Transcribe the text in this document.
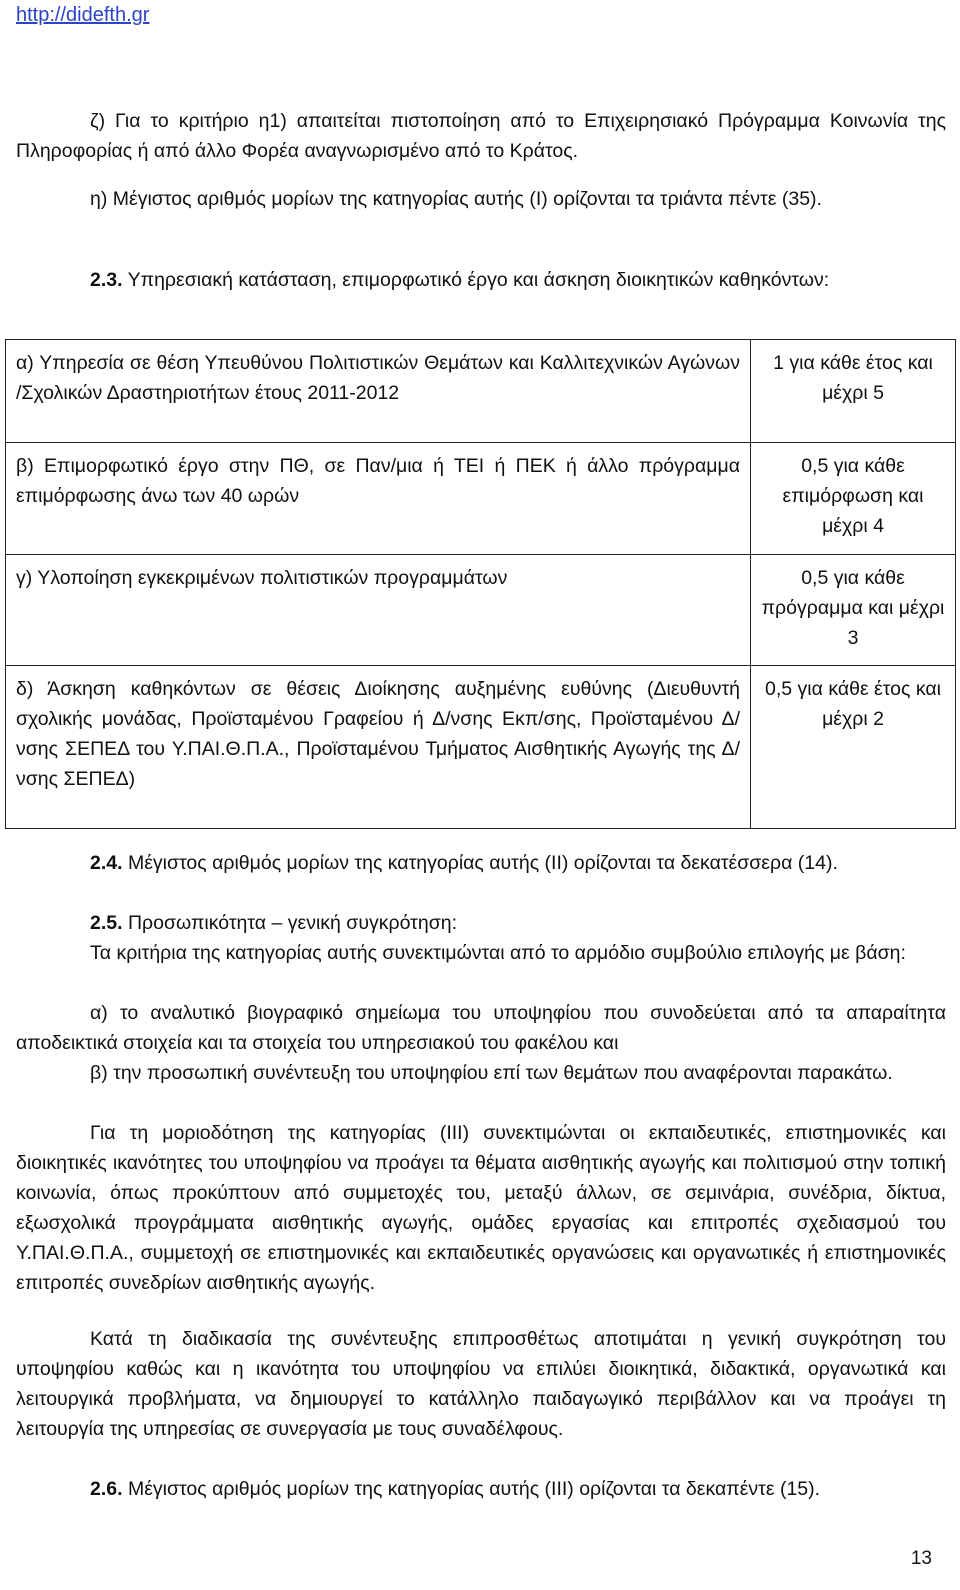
http://didefth.gr

ζ) Για το κριτήριο η1) απαιτείται πιστοποίηση από το Επιχειρησιακό Πρόγραμμα Κοινωνία της Πληροφορίας ή από άλλο Φορέα αναγνωρισμένο από το Κράτος.

η) Μέγιστος αριθμός μορίων της κατηγορίας αυτής (Ι) ορίζονται τα τριάντα πέντε (35).

2.3. Υπηρεσιακή κατάσταση, επιμορφωτικό έργο και άσκηση διοικητικών καθηκόντων:

α) Υπηρεσία σε θέση Υπευθύνου Πολιτιστικών Θεμάτων και Καλλιτεχνικών Αγώνων /Σχολικών Δραστηριοτήτων έτους 2011-2012	1 για κάθε έτος και μέχρι 5
β) Επιμορφωτικό έργο στην ΠΘ, σε Παν/μια ή ΤΕΙ ή ΠΕΚ ή άλλο πρόγραμμα επιμόρφωσης άνω των 40 ωρών	0,5 για κάθε επιμόρφωση και μέχρι 4
γ) Υλοποίηση εγκεκριμένων πολιτιστικών προγραμμάτων	0,5 για κάθε πρόγραμμα και μέχρι 3
δ) Άσκηση καθηκόντων σε θέσεις Διοίκησης αυξημένης ευθύνης (Διευθυντή σχολικής μονάδας, Προϊσταμένου Γραφείου ή Δ/νσης Εκπ/σης, Προϊσταμένου Δ/νσης ΣΕΠΕΔ του Υ.ΠΑΙ.Θ.Π.Α., Προϊσταμένου Τμήματος Αισθητικής Αγωγής της Δ/νσης ΣΕΠΕΔ)	0,5 για κάθε έτος και μέχρι 2

2.4. Μέγιστος αριθμός μορίων της κατηγορίας αυτής (ΙΙ) ορίζονται τα δεκατέσσερα (14).

2.5. Προσωπικότητα – γενική συγκρότηση:

Τα κριτήρια της κατηγορίας αυτής συνεκτιμώνται από το αρμόδιο συμβούλιο επιλογής με βάση:

α) το αναλυτικό βιογραφικό σημείωμα του υποψηφίου που συνοδεύεται από τα απαραίτητα αποδεικτικά στοιχεία και τα στοιχεία του υπηρεσιακού του φακέλου και

β) την προσωπική συνέντευξη του υποψηφίου επί των θεμάτων που αναφέρονται παρακάτω.

Για τη μοριοδότηση της κατηγορίας (ΙΙΙ) συνεκτιμώνται οι εκπαιδευτικές, επιστημονικές και διοικητικές ικανότητες του υποψηφίου να προάγει τα θέματα αισθητικής αγωγής και πολιτισμού στην τοπική κοινωνία, όπως προκύπτουν από συμμετοχές του, μεταξύ άλλων, σε σεμινάρια, συνέδρια, δίκτυα, εξωσχολικά προγράμματα αισθητικής αγωγής, ομάδες εργασίας και επιτροπές σχεδιασμού του Υ.ΠΑΙ.Θ.Π.Α., συμμετοχή σε επιστημονικές και εκπαιδευτικές οργανώσεις και οργανωτικές ή επιστημονικές επιτροπές συνεδρίων αισθητικής αγωγής.

Κατά τη διαδικασία της συνέντευξης επιπροσθέτως αποτιμάται η γενική συγκρότηση του υποψηφίου καθώς και η ικανότητα του υποψηφίου να επιλύει διοικητικά, διδακτικά, οργανωτικά και λειτουργικά προβλήματα, να δημιουργεί το κατάλληλο παιδαγωγικό περιβάλλον και να προάγει τη λειτουργία της υπηρεσίας σε συνεργασία με τους συναδέλφους.

2.6. Μέγιστος αριθμός μορίων της κατηγορίας αυτής (ΙΙΙ) ορίζονται τα δεκαπέντε (15).

13
